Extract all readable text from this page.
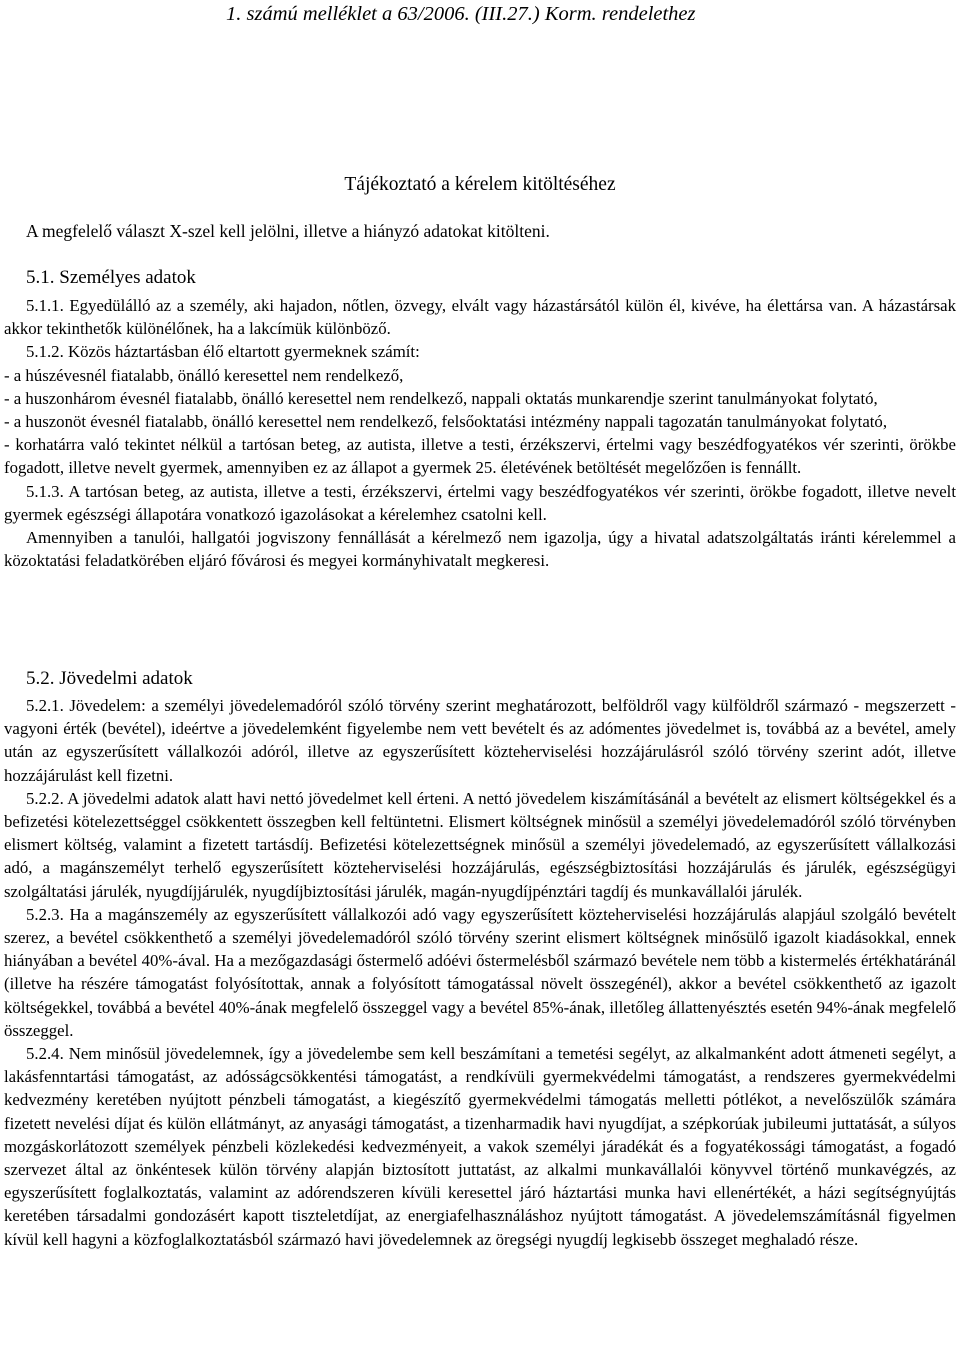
1. számú melléklet a 63/2006. (III.27.) Korm. rendelethez
Tájékoztató a kérelem kitöltéséhez
A megfelelő választ X-szel kell jelölni, illetve a hiányzó adatokat kitölteni.
5.1. Személyes adatok

5.1.1. Egyedülálló az a személy, aki hajadon, nőtlen, özvegy, elvált vagy házastársától külön él, kivéve, ha élettársa van. A házastársak akkor tekinthetők különélőnek, ha a lakcímük különböző.

5.1.2. Közös háztartásban élő eltartott gyermeknek számít:

- a húszévesnél fiatalabb, önálló keresettel nem rendelkező,

- a huszonhárom évesnél fiatalabb, önálló keresettel nem rendelkező, nappali oktatás munkarendje szerint tanulmányokat folytató,

- a huszonöt évesnél fiatalabb, önálló keresettel nem rendelkező, felsőoktatási intézmény nappali tagozatán tanulmányokat folytató,

- korhatárra való tekintet nélkül a tartósan beteg, az autista, illetve a testi, érzékszervi, értelmi vagy beszédfogyatékos vér szerinti, örökbe fogadott, illetve nevelt gyermek, amennyiben ez az állapot a gyermek 25. életévének betöltését megelőzően is fennállt.

5.1.3. A tartósan beteg, az autista, illetve a testi, érzékszervi, értelmi vagy beszédfogyatékos vér szerinti, örökbe fogadott, illetve nevelt gyermek egészségi állapotára vonatkozó igazolásokat a kérelemhez csatolni kell.

Amennyiben a tanulói, hallgatói jogviszony fennállását a kérelmező nem igazolja, úgy a hivatal adatszolgáltatás iránti kérelemmel a közoktatási feladatkörében eljáró fővárosi és megyei kormányhivatalt megkeresi.

5.2. Jövedelmi adatok

5.2.1. Jövedelem: a személyi jövedelemadóról szóló törvény szerint meghatározott, belföldről vagy külföldről származó - megszerzett - vagyoni érték (bevétel), ideértve a jövedelemként figyelembe nem vett bevételt és az adómentes jövedelmet is, továbbá az a bevétel, amely után az egyszerűsített vállalkozói adóról, illetve az egyszerűsített közteherviselési hozzájárulásról szóló törvény szerint adót, illetve hozzájárulást kell fizetni.

5.2.2. A jövedelmi adatok alatt havi nettó jövedelmet kell érteni. A nettó jövedelem kiszámításánál a bevételt az elismert költségekkel és a befizetési kötelezettséggel csökkentett összegben kell feltüntetni. Elismert költségnek minősül a személyi jövedelemadóról szóló törvényben elismert költség, valamint a fizetett tartásdíj. Befizetési kötelezettségnek minősül a személyi jövedelemadó, az egyszerűsített vállalkozási adó, a magánszemélyt terhelő egyszerűsített közteherviselési hozzájárulás, egészségbiztosítási hozzájárulás és járulék, egészségügyi szolgáltatási járulék, nyugdíjjárulék, nyugdíjbiztosítási járulék, magán-nyugdíjpénztári tagdíj és munkavállalói járulék.

5.2.3. Ha a magánszemély az egyszerűsített vállalkozói adó vagy egyszerűsített közteherviselési hozzájárulás alapjául szolgáló bevételt szerez, a bevétel csökkenthető a személyi jövedelemadóról szóló törvény szerint elismert költségnek minősülő igazolt kiadásokkal, ennek hiányában a bevétel 40%-ával. Ha a mezőgazdasági őstermelő adóévi őstermelésből származó bevétele nem több a kistermelés értékhatáránál (illetve ha részére támogatást folyósítottak, annak a folyósított támogatással növelt összegénél), akkor a bevétel csökkenthető az igazolt költségekkel, továbbá a bevétel 40%-ának megfelelő összeggel vagy a bevétel 85%-ának, illetőleg állattenyésztés esetén 94%-ának megfelelő összeggel.

5.2.4. Nem minősül jövedelemnek, így a jövedelembe sem kell beszámítani a temetési segélyt, az alkalmanként adott átmeneti segélyt, a lakásfenntartási támogatást, az adósságcsökkentési támogatást, a rendkívüli gyermekvédelmi támogatást, a rendszeres gyermekvédelmi kedvezmény keretében nyújtott pénzbeli támogatást, a kiegészítő gyermekvédelmi támogatás melletti pótlékot, a nevelőszülők számára fizetett nevelési díjat és külön ellátmányt, az anyasági támogatást, a tizenharmadik havi nyugdíjat, a szépkorúak jubileumi juttatását, a súlyos mozgáskorlátozott személyek pénzbeli közlekedési kedvezményeit, a vakok személyi járadékát és a fogyatékossági támogatást, a fogadó szervezet által az önkéntesek külön törvény alapján biztosított juttatást, az alkalmi munkavállalói könyvvel történő munkavégzés, az egyszerűsített foglalkoztatás, valamint az adórendszeren kívüli keresettel járó háztartási munka havi ellenértékét, a házi segítségnyújtás keretében társadalmi gondozásért kapott tiszteletdíjat, az energiafelhasználáshoz nyújtott támogatást. A jövedelemszámításnál figyelmen kívül kell hagyni a közfoglalkoztatásból származó havi jövedelemnek az öregségi nyugdíj legkisebb összeget meghaladó része.
